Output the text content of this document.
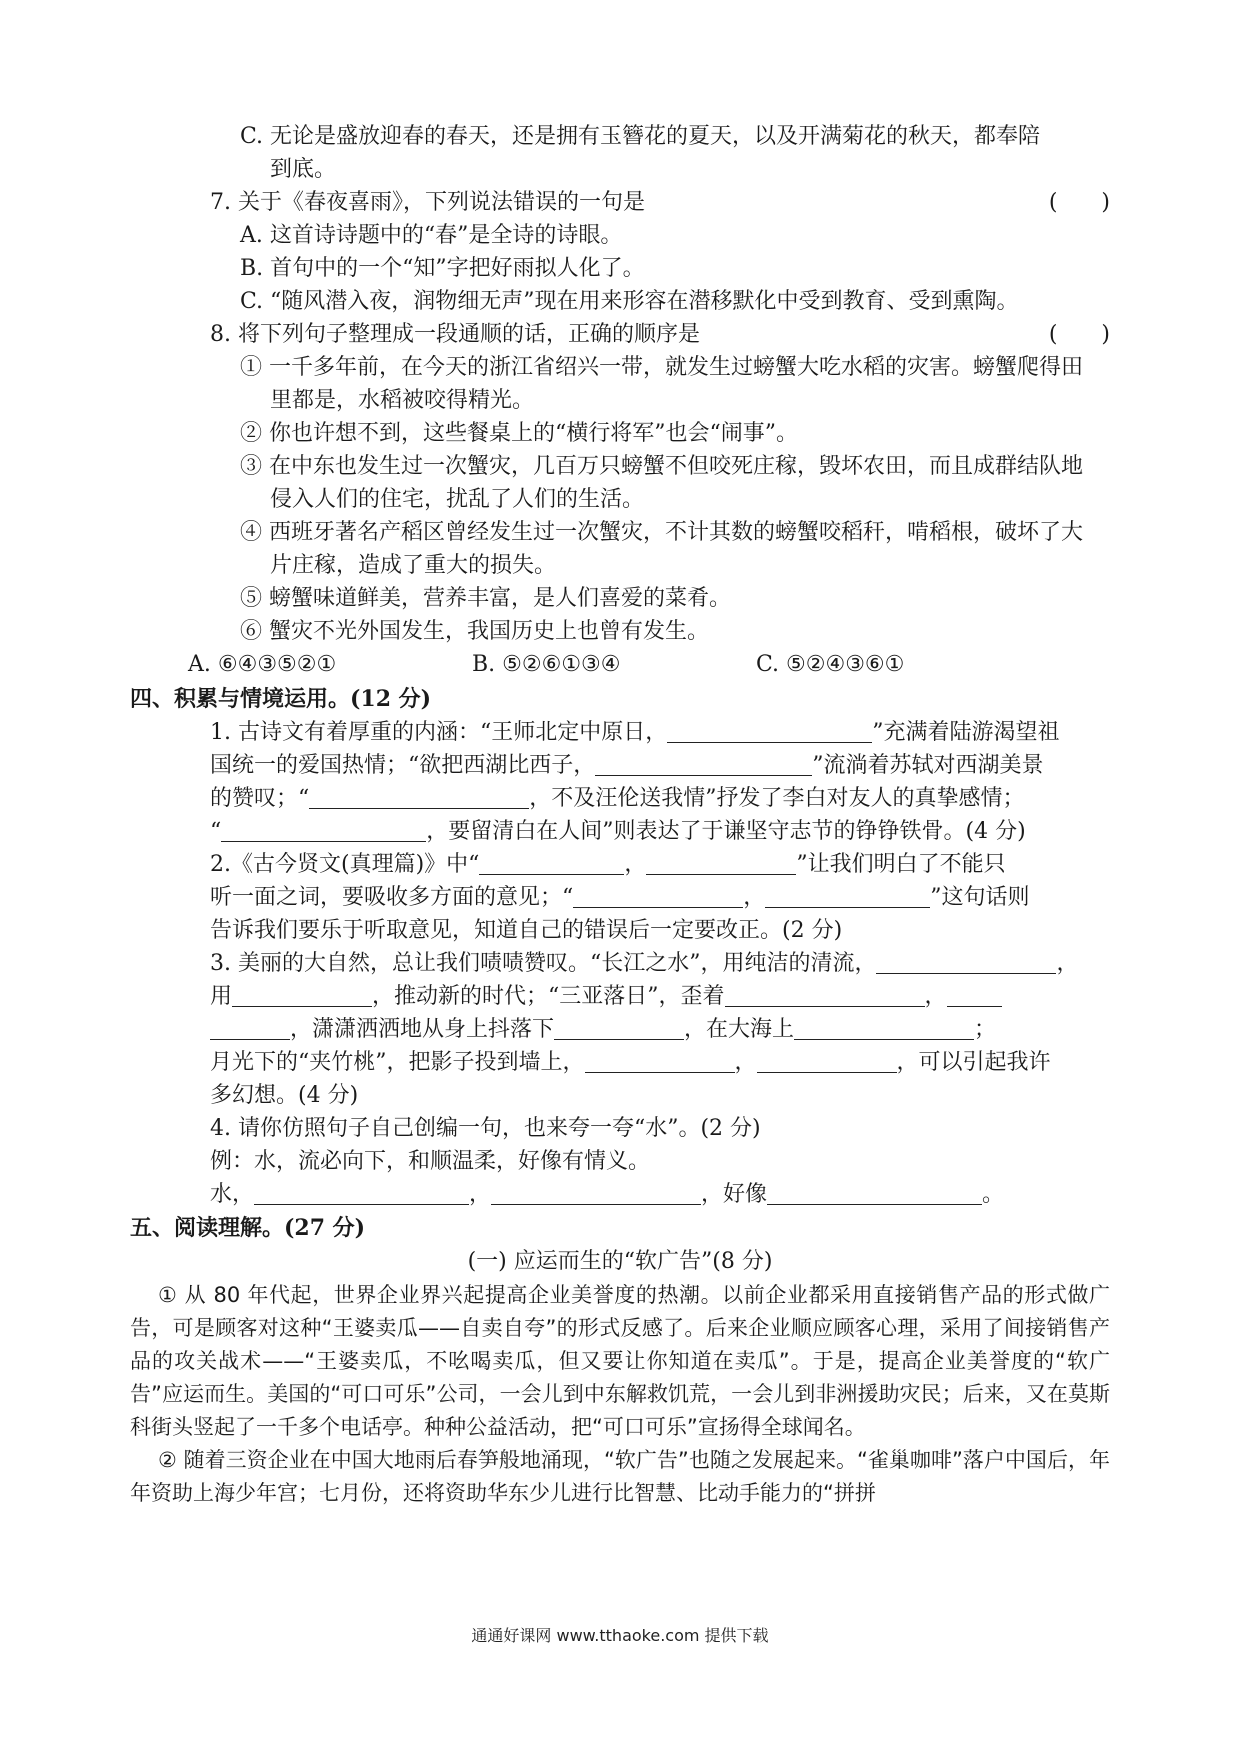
C. 无论是盛放迎春的春天，还是拥有玉簪花的夏天，以及开满菊花的秋天，都奉陪
到底。
7. 关于《春夜喜雨》，下列说法错误的一句是	(　　)
A. 这首诗诗题中的“春”是全诗的诗眼。
B. 首句中的一个“知”字把好雨拟人化了。
C. “随风潜入夜，润物细无声”现在用来形容在潜移默化中受到教育、受到熏陶。
8. 将下列句子整理成一段通顺的话，正确的顺序是	(　　)
① 一千多年前，在今天的浙江省绍兴一带，就发生过螃蟹大吃水稻的灾害。螃蟹爬得田
里都是，水稻被咬得精光。
② 你也许想不到，这些餐桌上的“横行将军”也会“闹事”。
③ 在中东也发生过一次蟹灾，几百万只螃蟹不但咬死庄稼，毁坏农田，而且成群结队地
侵入人们的住宅，扰乱了人们的生活。
④ 西班牙著名产稻区曾经发生过一次蟹灾，不计其数的螃蟹咬稻秆，啃稻根，破坏了大
片庄稼，造成了重大的损失。
⑤ 螃蟹味道鲜美，营养丰富，是人们喜爱的菜肴。
⑥ 蟹灾不光外国发生，我国历史上也曾有发生。
A. ⑥④③⑤②①	B. ⑤②⑥①③④	C. ⑤②④③⑥①
四、积累与情境运用。(12 分)
1. 古诗文有着厚重的内涵：“王师北定中原日，	”充满着陆游渴望祖
国统一的爱国热情；“欲把西湖比西子，	”流淌着苏轼对西湖美景
的赞叹；“	，不及汪伦送我情”抒发了李白对友人的真挚感情；
“	，要留清白在人间”则表达了于谦坚守志节的铮铮铁骨。(4 分)
2.《古今贤文(真理篇)》中“	，	”让我们明白了不能只
听一面之词，要吸收多方面的意见；“	，	”这句话则
告诉我们要乐于听取意见，知道自己的错误后一定要改正。(2 分)
3. 美丽的大自然，总让我们啧啧赞叹。“长江之水”，用纯洁的清流，	，
用	，推动新的时代；“三亚落日”，歪着	，
，潇潇洒洒地从身上抖落下	，在大海上	；
月光下的“夹竹桃”，把影子投到墙上，	，	，可以引起我许
多幻想。(4 分)
4. 请你仿照句子自己创编一句，也来夸一夸“水”。(2 分)
例：水，流必向下，和顺温柔，好像有情义。
水，	，	，好像	。
五、阅读理解。(27 分)
(一) 应运而生的“软广告”(8 分)
① 从 80 年代起，世界企业界兴起提高企业美誉度的热潮。以前企业都采用直接销售产品的形式做广告，可是顾客对这种“王婆卖瓜——自卖自夸”的形式反感了。后来企业顺应顾客心理，采用了间接销售产品的攻关战术——“王婆卖瓜，不吆喝卖瓜，但又要让你知道在卖瓜”。于是，提高企业美誉度的“软广告”应运而生。美国的“可口可乐”公司，一会儿到中东解救饥荒，一会儿到非洲援助灾民；后来，又在莫斯科街头竖起了一千多个电话亭。种种公益活动，把“可口可乐”宣扬得全球闻名。
② 随着三资企业在中国大地雨后春笋般地涌现，“软广告”也随之发展起来。“雀巢咖啡”落户中国后，年年资助上海少年宫；七月份，还将资助华东少儿进行比智慧、比动手能力的“拼拼
通通好课网 www.tthaoke.com 提供下载
